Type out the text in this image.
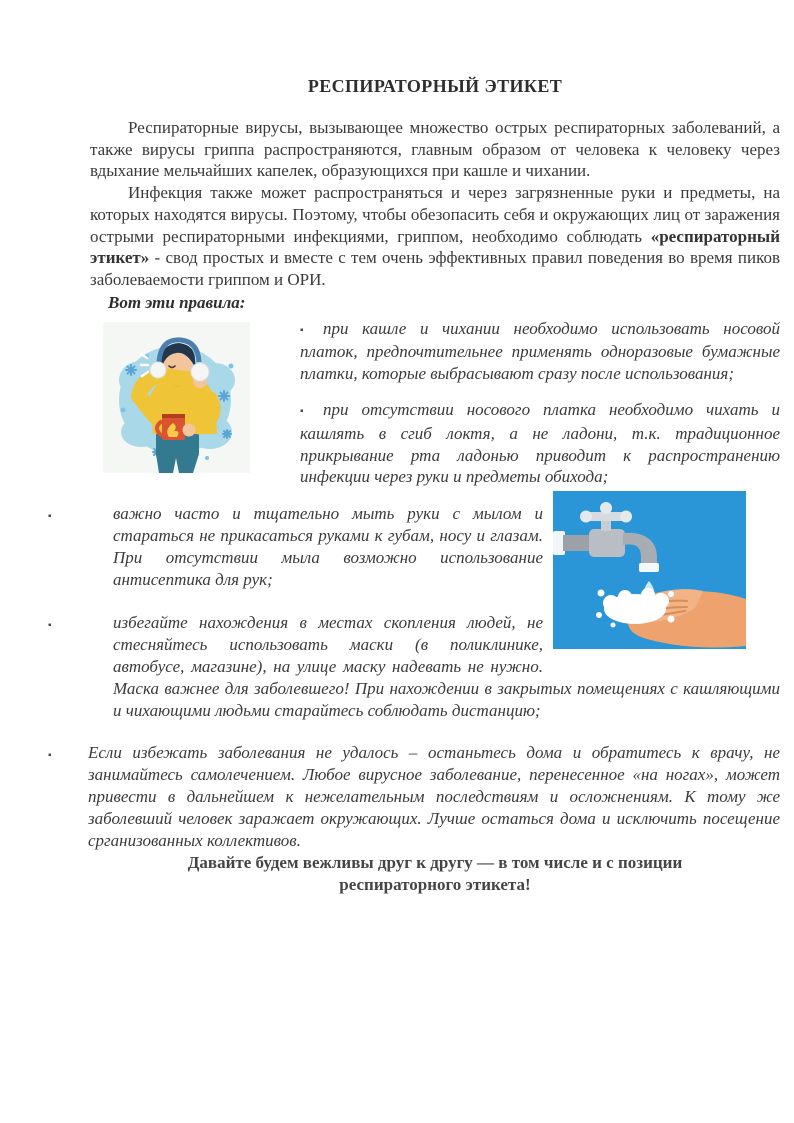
РЕСПИРАТОРНЫЙ ЭТИКЕТ

Респираторные вирусы, вызывающее множество острых респираторных заболеваний, а также вирусы гриппа распространяются, главным образом от человека к человеку через вдыхание мельчайших капелек, образующихся при кашле и чихании.

Инфекция также может распространяться и через загрязненные руки и предметы, на которых находятся вирусы. Поэтому, чтобы обезопасить себя и окружающих лиц от заражения острыми респираторными инфекциями, гриппом, необходимо соблюдать «респираторный этикет» - свод простых и вместе с тем очень эффективных правил поведения во время пиков заболеваемости гриппом и ОРИ.

Вот эти правила:

▪ при кашле и чихании необходимо использовать носовой платок, предпочтительнее применять одноразовые бумажные платки, которые выбрасывают сразу после использования;
▪ при отсутствии носового платка необходимо чихать и кашлять в сгиб локтя, а не ладони, т.к. традиционное прикрывание рта ладонью приводит к распространению инфекции через руки и предметы обихода;
▪	важно часто и тщательно мыть руки с мылом и стараться не прикасаться руками к губам, носу и глазам. При отсутствии мыла возможно использование антисептика для рук;
▪	избегайте нахождения в местах скопления людей, не стесняйтесь использовать маски (в поликлинике, автобусе, магазине), на улице маску надевать не нужно. Маска важнее для заболевшего! При нахождении в закрытых помещениях с кашляющими и чихающими людьми старайтесь соблюдать дистанцию;
▪ Если избежать заболевания не удалось – останьтесь дома и обратитесь к врачу, не занимайтесь самолечением. Любое вирусное заболевание, перенесенное «на ногах», может привести в дальнейшем к нежелательным последствиям и осложнениям. К тому же заболевший человек заражает окружающих. Лучше остаться дома и исключить посещение срганизованных коллективов.

Давайте будем вежливы друг к другу — в том числе и с позиции респираторного этикета!
